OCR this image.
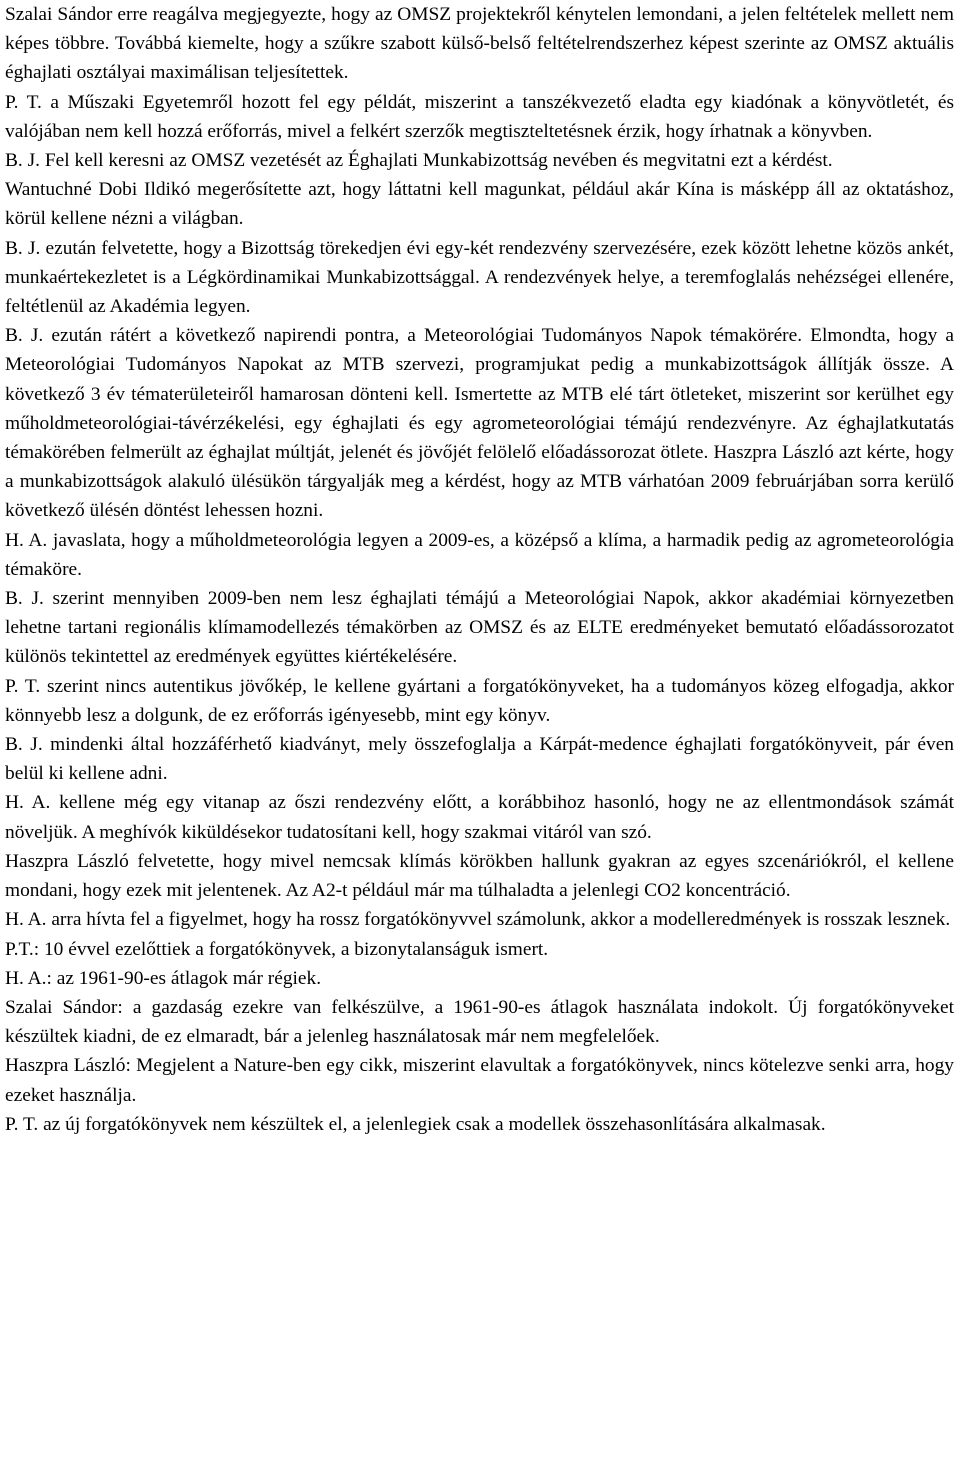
Szalai Sándor erre reagálva megjegyezte, hogy az OMSZ projektekről kénytelen lemondani, a jelen feltételek mellett nem képes többre. Továbbá kiemelte, hogy a szűkre szabott külső-belső feltételrendszerhez képest szerinte az OMSZ aktuális éghajlati osztályai maximálisan teljesítettek.

P. T. a Műszaki Egyetemről hozott fel egy példát, miszerint a tanszékvezető eladta egy kiadónak a könyvötletét, és valójában nem kell hozzá erőforrás, mivel a felkért szerzők megtiszteltetésnek érzik, hogy írhatnak a könyvben.

B. J. Fel kell keresni az OMSZ vezetését az Éghajlati Munkabizottság nevében és megvitatni ezt a kérdést.

Wantuchné Dobi Ildikó megerősítette azt, hogy láttatni kell magunkat, például akár Kína is másképp áll az oktatáshoz, körül kellene nézni a világban.

B. J. ezután felvetette, hogy a Bizottság törekedjen évi egy-két rendezvény szervezésére, ezek között lehetne közös ankét, munkaértekezletet is a Légkördinamikai Munkabizottsággal. A rendezvények helye, a teremfoglalás nehézségei ellenére, feltétlenül az Akadémia legyen.

B. J. ezután rátért a következő napirendi pontra, a Meteorológiai Tudományos Napok témakörére. Elmondta, hogy a Meteorológiai Tudományos Napokat az MTB szervezi, programjukat pedig a munkabizottságok állítják össze. A következő 3 év tématerületeiről hamarosan dönteni kell. Ismertette az MTB elé tárt ötleteket, miszerint sor kerülhet egy műholdmeteorológiai-távérzékelési, egy éghajlati és egy agrometeorológiai témájú rendezvényre. Az éghajlatkutatás témakörében felmerült az éghajlat múltját, jelenét és jövőjét felölelő előadássorozat ötlete. Haszpra László azt kérte, hogy a munkabizottságok alakuló ülésükön tárgyalják meg a kérdést, hogy az MTB várhatóan 2009 februárjában sorra kerülő következő ülésén döntést lehessen hozni.

H. A. javaslata, hogy a műholdmeteorológia legyen a 2009-es, a középső a klíma, a harmadik pedig az agrometeorológia témaköre.

B. J. szerint mennyiben 2009-ben nem lesz éghajlati témájú a Meteorológiai Napok, akkor akadémiai környezetben lehetne tartani regionális klímamodellezés témakörben az OMSZ és az ELTE eredményeket bemutató előadássorozatot különös tekintettel az eredmények együttes kiértékelésére.

P. T. szerint nincs autentikus jövőkép, le kellene gyártani a forgatókönyveket, ha a tudományos közeg elfogadja, akkor könnyebb lesz a dolgunk, de ez erőforrás igényesebb, mint egy könyv.

B. J. mindenki által hozzáférhető kiadványt, mely összefoglalja a Kárpát-medence éghajlati forgatókönyveit, pár éven belül ki kellene adni.

H. A. kellene még egy vitanap az őszi rendezvény előtt, a korábbihoz hasonló, hogy ne az ellentmondások számát növeljük. A meghívók kiküldésekor tudatosítani kell, hogy szakmai vitáról van szó.

Haszpra László felvetette, hogy mivel nemcsak klímás körökben hallunk gyakran az egyes szcenáriókról, el kellene mondani, hogy ezek mit jelentenek. Az A2-t például már ma túlhaladta a jelenlegi CO2 koncentráció.

H. A. arra hívta fel a figyelmet, hogy ha rossz forgatókönyvvel számolunk, akkor a modelleredmények is rosszak lesznek.

P.T.: 10 évvel ezelőttiek a forgatókönyvek, a bizonytalanságuk ismert.

H. A.: az 1961-90-es átlagok már régiek.

Szalai Sándor: a gazdaság ezekre van felkészülve, a 1961-90-es átlagok használata indokolt. Új forgatókönyveket készültek kiadni, de ez elmaradt, bár a jelenleg használatosak már nem megfelelőek.

Haszpra László: Megjelent a Nature-ben egy cikk, miszerint elavultak a forgatókönyvek, nincs kötelezve senki arra, hogy ezeket használja.

P. T. az új forgatókönyvek nem készültek el, a jelenlegiek csak a modellek összehasonlítására alkalmasak.
